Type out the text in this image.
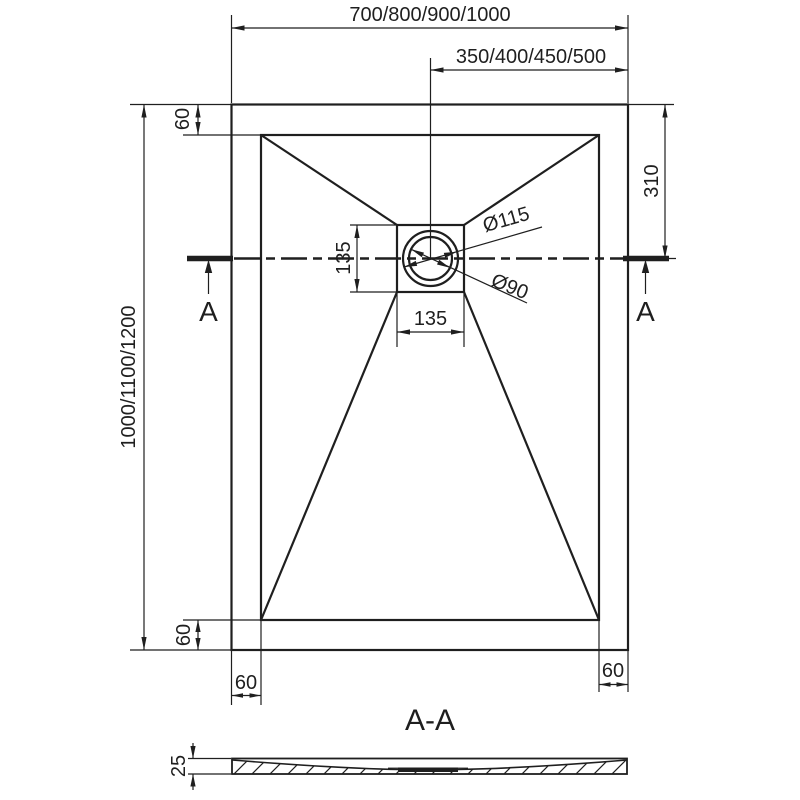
A	A
700/800/900/1000
350/400/450/500
60
310
1000/1100/1200
135
135
Ø115
Ø90
60
60
60
A-A
25
